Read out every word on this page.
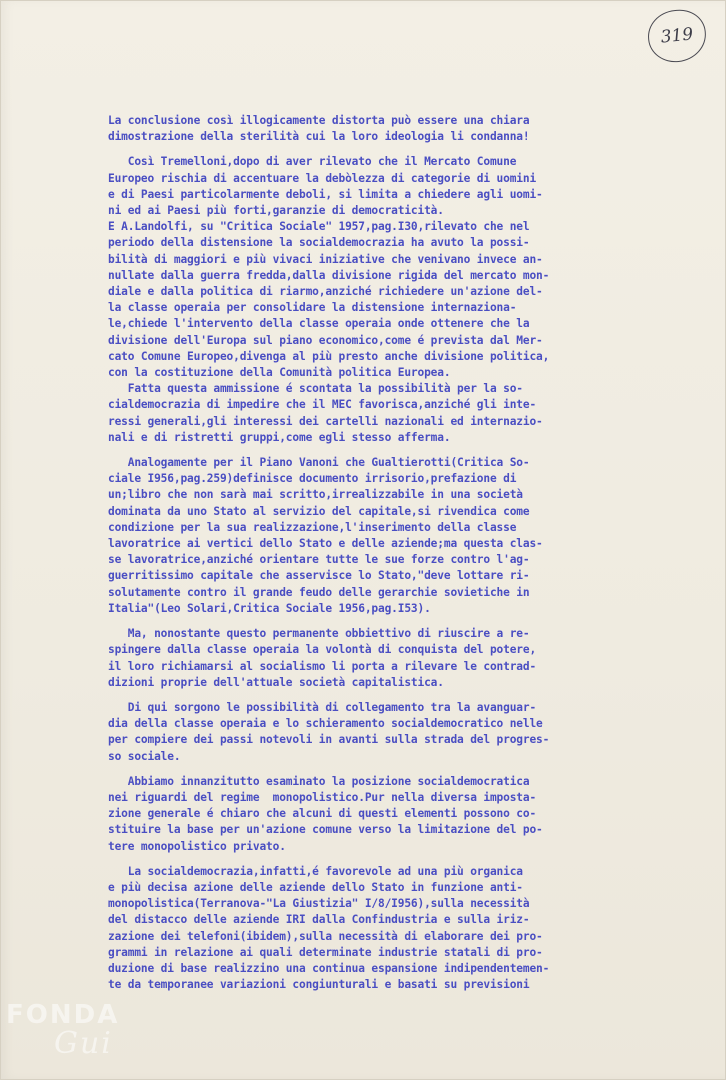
319
La conclusione così illogicamente distorta può essere una chiara
dimostrazione della sterilità cui la loro ideologia li condanna!
Così Tremelloni,dopo di aver rilevato che il Mercato Comune
Europeo rischia di accentuare la debòlezza di categorie di uomini
e di Paesi particolarmente deboli, si limita a chiedere agli uomi-
ni ed ai Paesi più forti,garanzie di democraticità.
E A.Landolfi, su "Critica Sociale" 1957,pag.I30,rilevato che nel
periodo della distensione la socialdemocrazia ha avuto la possi-
bilità di maggiori e più vivaci iniziative che venivano invece an-
nullate dalla guerra fredda,dalla divisione rigida del mercato mon-
diale e dalla politica di riarmo,anziché richiedere un'azione del-
la classe operaia per consolidare la distensione internaziona-
le,chiede l'intervento della classe operaia onde ottenere che la
divisione dell'Europa sul piano economico,come é prevista dal Mer-
cato Comune Europeo,divenga al più presto anche divisione politica,
con la costituzione della Comunità politica Europea.
Fatta questa ammissione é scontata la possibilità per la so-
cialdemocrazia di impedire che il MEC favorisca,anziché gli inte-
ressi generali,gli interessi dei cartelli nazionali ed internazio-
nali e di ristretti gruppi,come egli stesso afferma.
Analogamente per il Piano Vanoni che Gualtierotti(Critica So-
ciale I956,pag.259)definisce documento irrisorio,prefazione di
un;libro che non sarà mai scritto,irrealizzabile in una società
dominata da uno Stato al servizio del capitale,si rivendica come
condizione per la sua realizzazione,l'inserimento della classe
lavoratrice ai vertici dello Stato e delle aziende;ma questa clas-
se lavoratrice,anziché orientare tutte le sue forze contro l'ag-
guerritissimo capitale che asservisce lo Stato,"deve lottare ri-
solutamente contro il grande feudo delle gerarchie sovietiche in
Italia"(Leo Solari,Critica Sociale 1956,pag.I53).
Ma, nonostante questo permanente obbiettivo di riuscire a re-
spingere dalla classe operaia la volontà di conquista del potere,
il loro richiamarsi al socialismo li porta a rilevare le contrad-
dizioni proprie dell'attuale società capitalistica.
Di qui sorgono le possibilità di collegamento tra la avanguar-
dia della classe operaia e lo schieramento socialdemocratico nelle
per compiere dei passi notevoli in avanti sulla strada del progres-
so sociale.
Abbiamo innanzitutto esaminato la posizione socialdemocratica
nei riguardi del regime  monopolistico.Pur nella diversa imposta-
zione generale é chiaro che alcuni di questi elementi possono co-
stituire la base per un'azione comune verso la limitazione del po-
tere monopolistico privato.
La socialdemocrazia,infatti,é favorevole ad una più organica
e più decisa azione delle aziende dello Stato in funzione anti-
monopolistica(Terranova-"La Giustizia" I/8/I956),sulla necessità
del distacco delle aziende IRI dalla Confindustria e sulla iriz-
zazione dei telefoni(ibidem),sulla necessità di elaborare dei pro-
grammi in relazione ai quali determinate industrie statali di pro-
duzione di base realizzino una continua espansione indipendentemen-
te da temporanee variazioni congiunturali e basati su previsioni
FONDA
Gui
